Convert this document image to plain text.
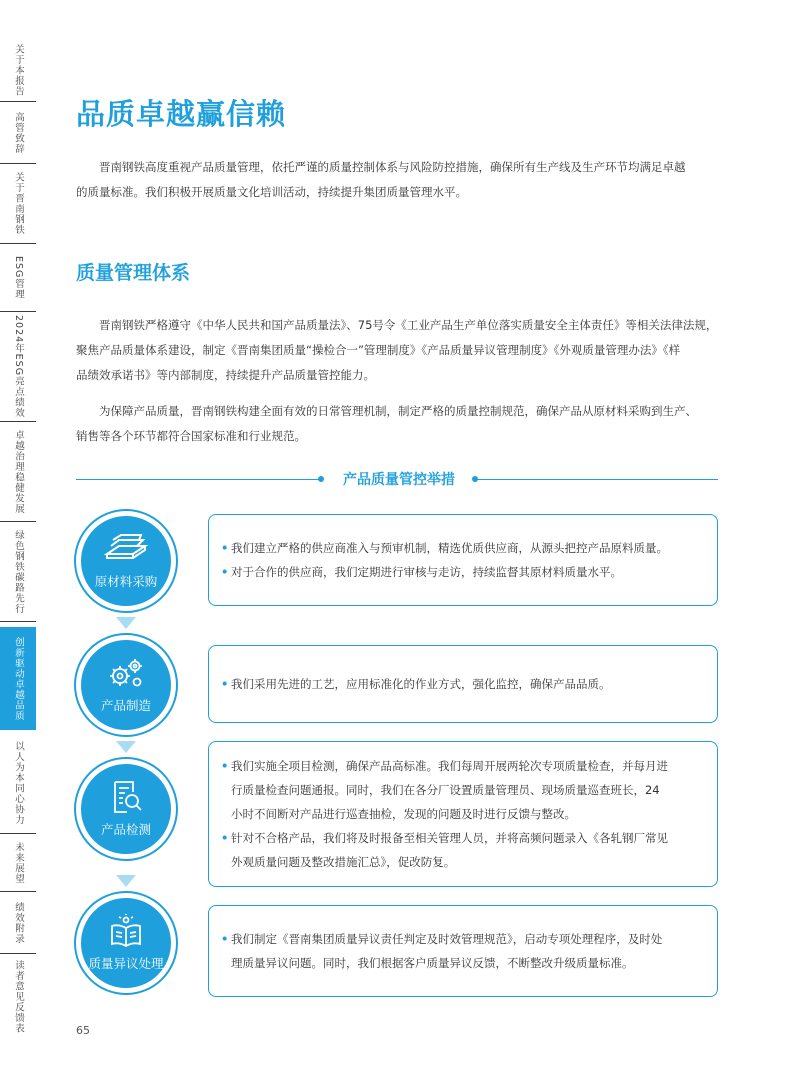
关于本报告
高管致辞
关于晋南钢铁
ESG管理
2024年ESG亮点绩效
卓越治理稳健发展
绿色钢铁碳路先行
创新驱动卓越品质
以人为本同心协力
未来展望
绩效附录
读者意见反馈表
品质卓越赢信赖

晋南钢铁高度重视产品质量管理，依托严谨的质量控制体系与风险防控措施，确保所有生产线及生产环节均满足卓越
的质量标准。我们积极开展质量文化培训活动，持续提升集团质量管理水平。

质量管理体系

晋南钢铁严格遵守《中华人民共和国产品质量法》、75号令《工业产品生产单位落实质量安全主体责任》等相关法律法规，
聚焦产品质量体系建设，制定《晋南集团质量“操检合一”管理制度》《产品质量异议管理制度》《外观质量管理办法》《样
品绩效承诺书》等内部制度，持续提升产品质量管控能力。

为保障产品质量，晋南钢铁构建全面有效的日常管理机制，制定严格的质量控制规范，确保产品从原材料采购到生产、
销售等各个环节都符合国家标准和行业规范。

产品质量管控举措
原材料采购
• 我们建立严格的供应商准入与预审机制，精选优质供应商，从源头把控产品原料质量。
• 对于合作的供应商，我们定期进行审核与走访，持续监督其原材料质量水平。
产品制造
• 我们采用先进的工艺，应用标准化的作业方式，强化监控，确保产品品质。
产品检测
• 我们实施全项目检测，确保产品高标准。我们每周开展两轮次专项质量检查，并每月进
行质量检查问题通报。同时，我们在各分厂设置质量管理员、现场质量巡查班长，24
小时不间断对产品进行巡查抽检，发现的问题及时进行反馈与整改。
• 针对不合格产品，我们将及时报备至相关管理人员，并将高频问题录入《各轧钢厂常见
外观质量问题及整改措施汇总》，促改防复。
质量异议处理
• 我们制定《晋南集团质量异议责任判定及时效管理规范》，启动专项处理程序，及时处
理质量异议问题。同时，我们根据客户质量异议反馈，不断整改升级质量标准。
65
